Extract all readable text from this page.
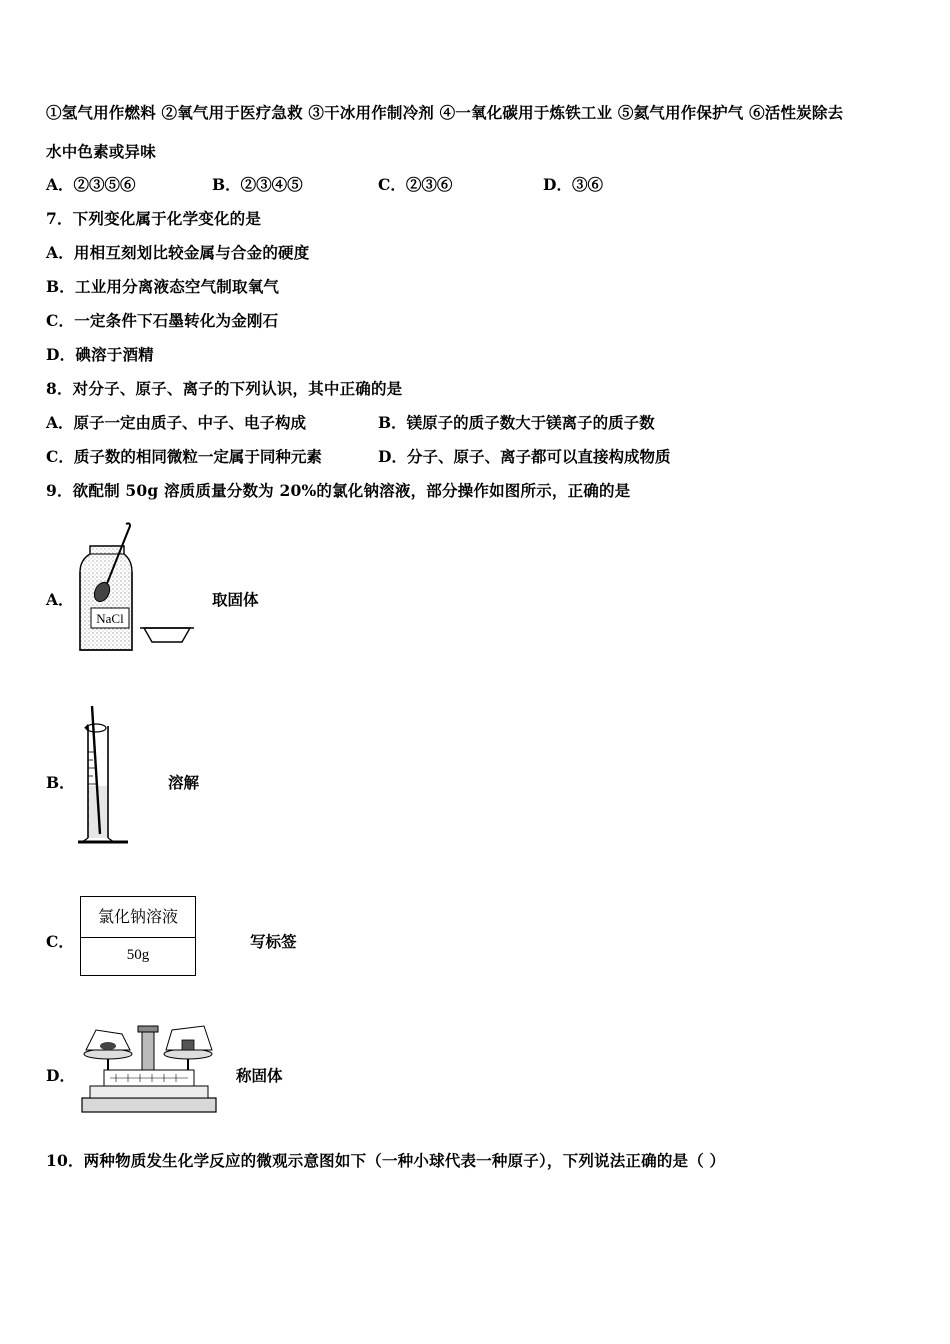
①氢气用作燃料 ②氧气用于医疗急救 ③干冰用作制冷剂 ④一氧化碳用于炼铁工业 ⑤氦气用作保护气 ⑥活性炭除去
水中色素或异味
A．②③⑤⑥	B．②③④⑤	C．②③⑥	D．③⑥
7．下列变化属于化学变化的是
A．用相互刻划比较金属与合金的硬度
B．工业用分离液态空气制取氧气
C．一定条件下石墨转化为金刚石
D．碘溶于酒精
8．对分子、原子、离子的下列认识，其中正确的是
A．原子一定由质子、中子、电子构成	B．镁原子的质子数大于镁离子的质子数
C．质子数的相同微粒一定属于同种元素	D．分子、原子、离子都可以直接构成物质
9．欲配制 50g 溶质质量分数为 20%的氯化钠溶液，部分操作如图所示，正确的是
A．
NaCl
取固体
B．	溶解
C．
氯化钠溶液
50g
写标签
D．	称固体
10．两种物质发生化学反应的微观示意图如下（一种小球代表一种原子），下列说法正确的是（ ）
